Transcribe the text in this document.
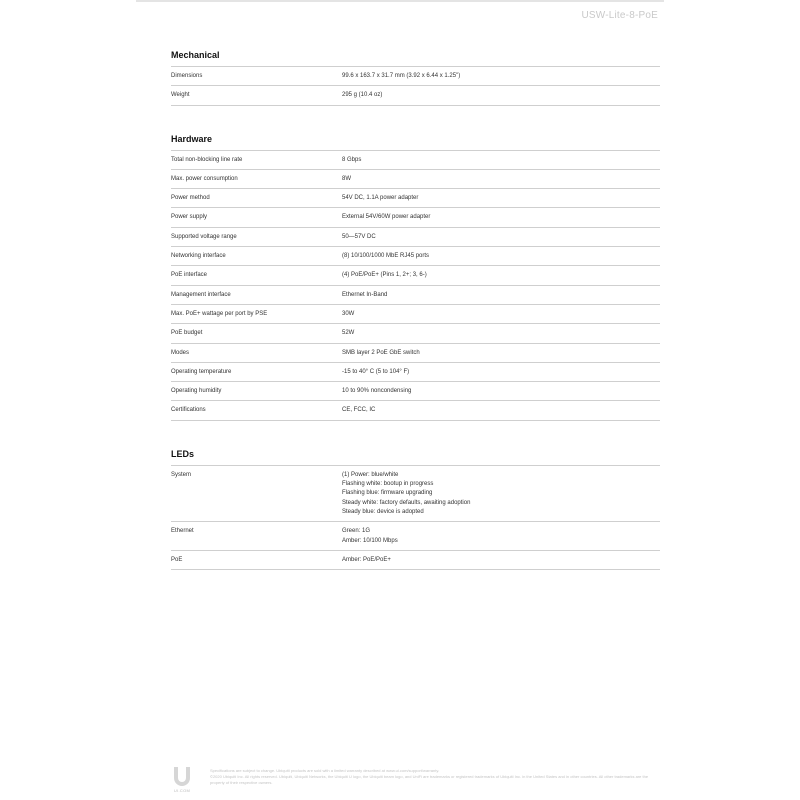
USW-Lite-8-PoE
Mechanical
Dimensions	99.6 x 163.7 x 31.7 mm (3.92 x 6.44 x 1.25")
Weight	295 g (10.4 oz)
Hardware
Total non-blocking line rate	8 Gbps
Max. power consumption	8W
Power method	54V DC, 1.1A power adapter
Power supply	External 54V/60W power adapter
Supported voltage range	50—57V DC
Networking interface	(8) 10/100/1000 MbE RJ45 ports
PoE interface	(4) PoE/PoE+ (Pins 1, 2+; 3, 6-)
Management interface	Ethernet In-Band
Max. PoE+ wattage per port by PSE	30W
PoE budget	52W
Modes	SMB layer 2 PoE GbE switch
Operating temperature	-15 to 40° C (5 to 104° F)
Operating humidity	10 to 90% noncondensing
Certifications	CE, FCC, IC
LEDs
System	(1) Power: blue/white
Flashing white: bootup in progress
Flashing blue: firmware upgrading
Steady white: factory defaults, awaiting adoption
Steady blue: device is adopted
Ethernet	Green: 1G
Amber: 10/100 Mbps
PoE	Amber: PoE/PoE+
UI.COM
Specifications are subject to change. Ubiquiti products are sold with a limited warranty described at www.ui.com/support/warranty.
©2020 Ubiquiti Inc. All rights reserved. Ubiquiti, Ubiquiti Networks, the Ubiquiti U logo, the Ubiquiti beam logo, and UniFi are trademarks or registered trademarks of Ubiquiti Inc. in the United States and in other countries. All other trademarks are the property of their respective owners.
